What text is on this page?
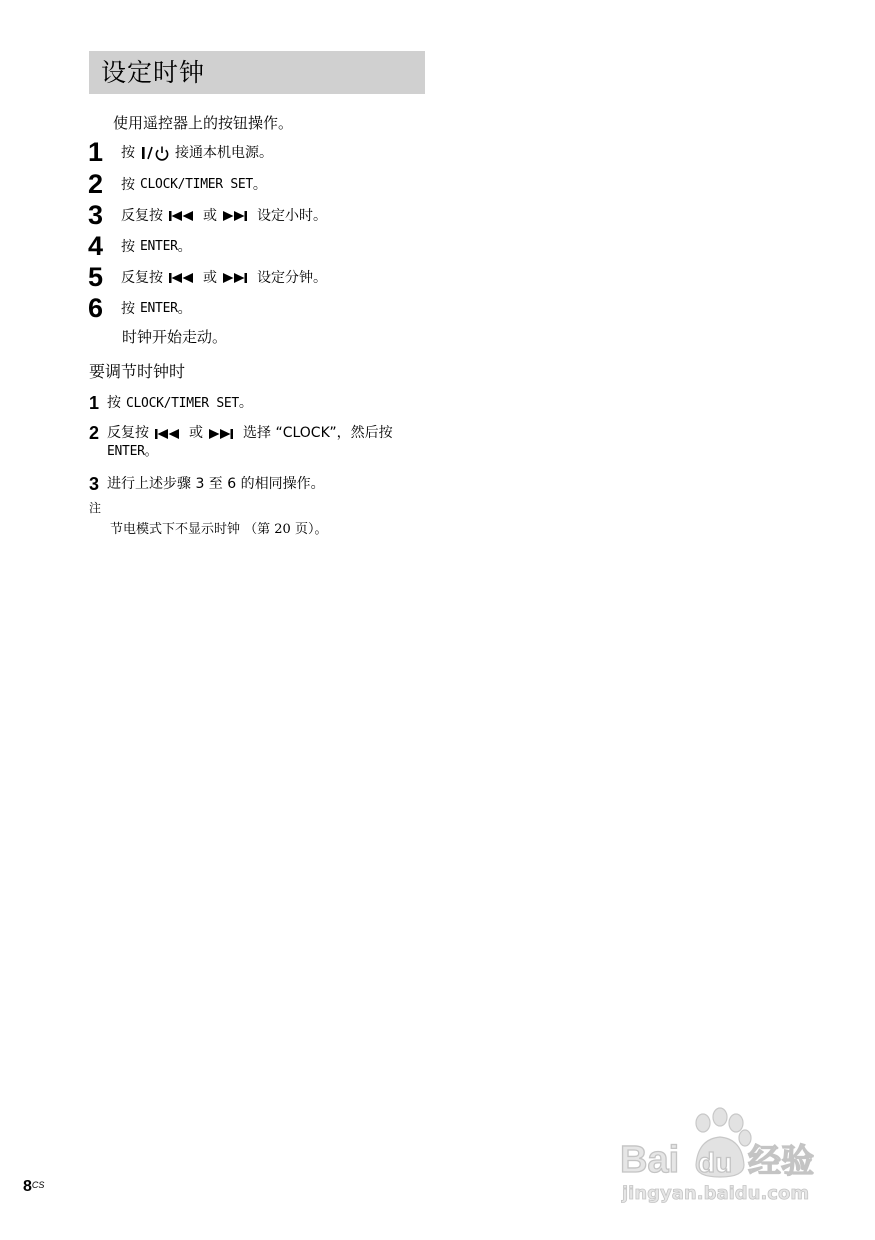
设定时钟
使用遥控器上的按钮操作。
1 按	接通本机电源。
2 按 CLOCK/TIMER SET 。
3 反复按	或	设定小时。
4 按 ENTER 。
5 反复按	或	设定分钟。
6 按 ENTER 。
时钟开始走动。
要调节时钟时
1 按 CLOCK/TIMER SET 。
2 反复按	或	选择 “CLOCK”，然后按
ENTER。
3 进行上述步骤 3 至 6 的相同操作。
注
节电模式下不显示时钟 （第 20 页）。
$8^{CS}$
Bai du 经验
jingyan.baidu.com
